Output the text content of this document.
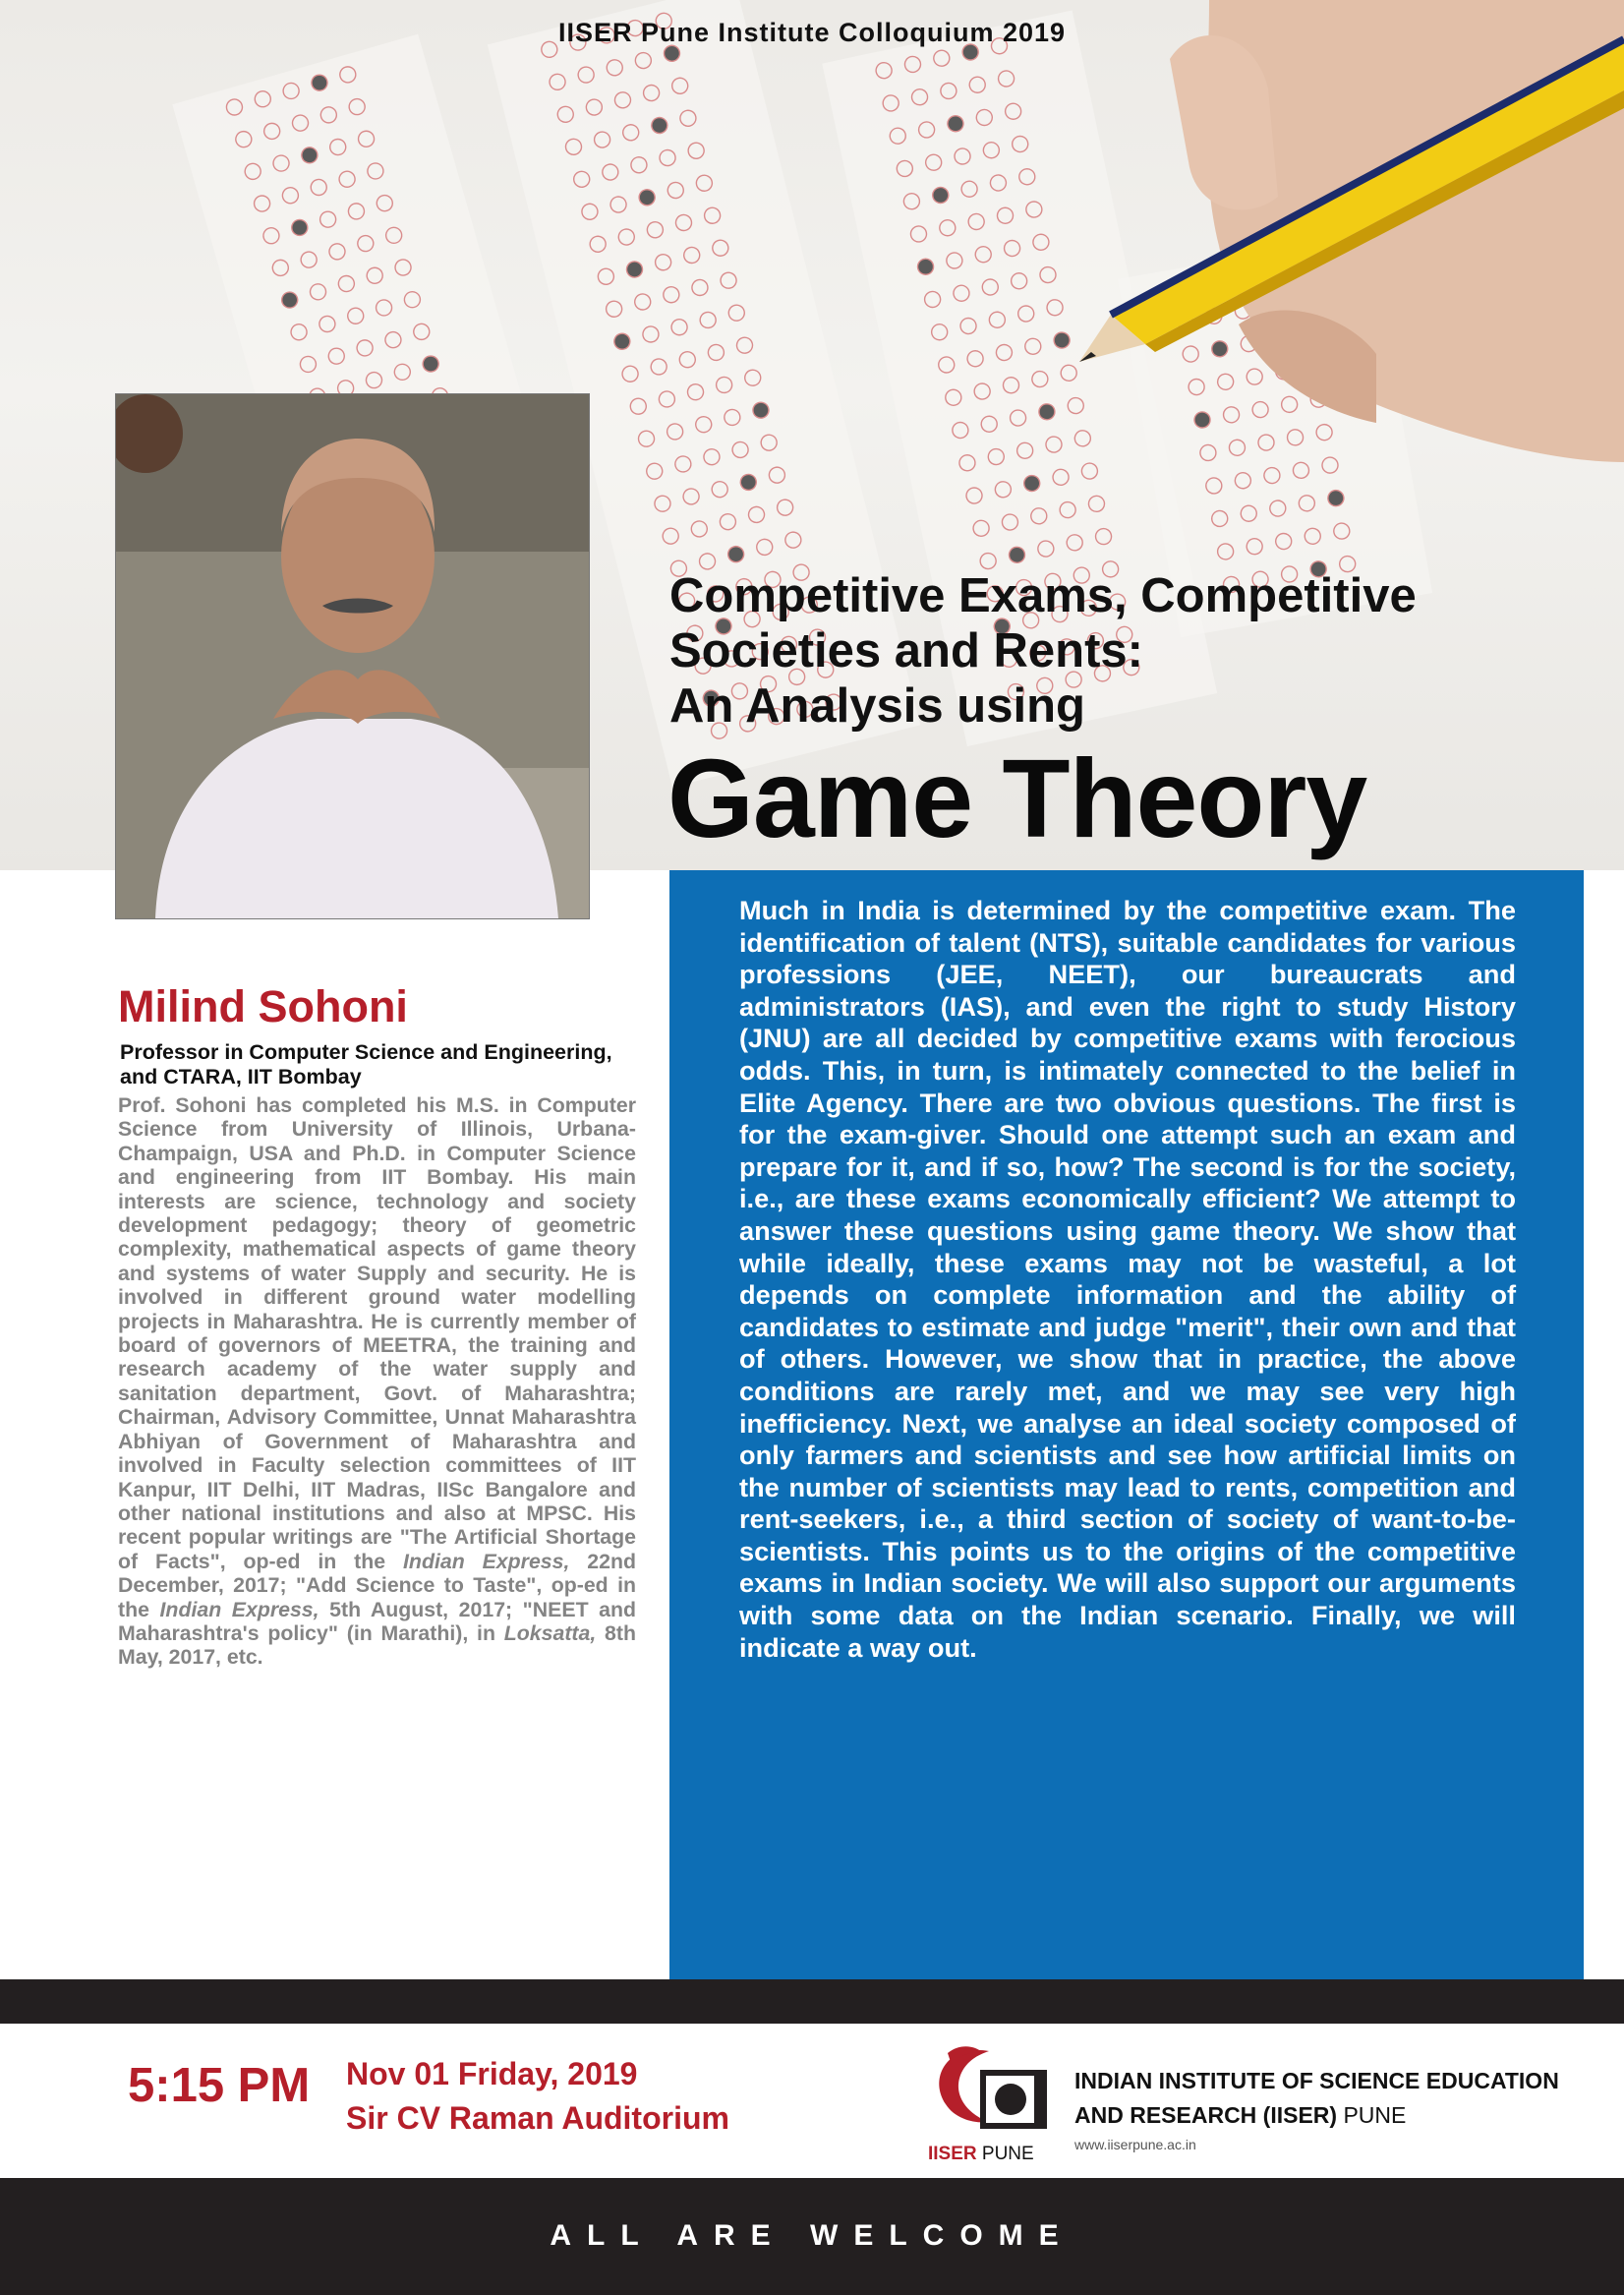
IISER Pune Institute Colloquium 2019
Competitive Exams, Competitive
Societies and Rents:
An Analysis using
Game Theory

Much in India is determined by the competitive exam. The identification of talent (NTS), suitable candidates for various professions (JEE, NEET), our bureaucrats and administrators (IAS), and even the right to study History (JNU) are all decided by competitive exams with ferocious odds. This, in turn, is intimately connected to the belief in Elite Agency. There are two obvious questions. The first is for the exam-giver. Should one attempt such an exam and prepare for it, and if so, how? The second is for the society, i.e., are these exams economically efficient? We attempt to answer these questions using game theory. We show that while ideally, these exams may not be wasteful, a lot depends on complete information and the ability of candidates to estimate and judge "merit", their own and that of others. However, we show that in practice, the above conditions are rarely met, and we may see very high inefficiency. Next, we analyse an ideal society composed of only farmers and scientists and see how artificial limits on the number of scientists may lead to rents, competition and rent-seekers, i.e., a third section of society of want-to-be-scientists. This points us to the origins of the competitive exams in Indian society. We will also support our arguments with some data on the Indian scenario. Finally, we will indicate a way out.

Milind Sohoni

Professor in Computer Science and Engineering,
and CTARA, IIT Bombay

Prof. Sohoni has completed his M.S. in Computer Science from University of Illinois, Urbana-Champaign, USA and Ph.D. in Computer Science and engineering from IIT Bombay. His main interests are science, technology and society development pedagogy; theory of geometric complexity, mathematical aspects of game theory and systems of water Supply and security. He is involved in different ground water modelling projects in Maharashtra. He is currently member of board of governors of MEETRA, the training and research academy of the water supply and sanitation department, Govt. of Maharashtra; Chairman, Advisory Committee, Unnat Maharashtra Abhiyan of Government of Maharashtra and involved in Faculty selection committees of IIT Kanpur, IIT Delhi, IIT Madras, IISc Bangalore and other national institutions and also at MPSC. His recent popular writings are "The Artificial Shortage of Facts", op-ed in the Indian Express, 22nd December, 2017; "Add Science to Taste", op-ed in the Indian Express, 5th August, 2017; "NEET and Maharashtra's policy" (in Marathi), in Loksatta, 8th May, 2017, etc.

5:15 PM Nov 01 Friday, 2019
Sir CV Raman Auditorium
IISER PUNE
INDIAN INSTITUTE OF SCIENCE EDUCATION
AND RESEARCH (IISER) PUNE
www.iiserpune.ac.in
ALL ARE WELCOME
